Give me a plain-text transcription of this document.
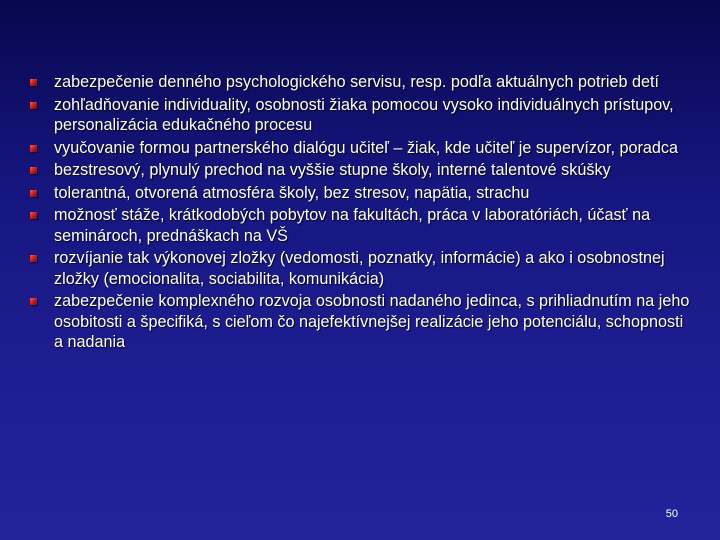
zabezpečenie denného psychologického servisu, resp. podľa aktuálnych potrieb detí
zohľadňovanie individuality, osobnosti žiaka pomocou vysoko individuálnych prístupov, personalizácia edukačného procesu
vyučovanie formou partnerského dialógu učiteľ – žiak, kde učiteľ je supervízor, poradca
bezstresový, plynulý prechod na vyššie stupne školy, interné talentové skúšky
tolerantná, otvorená atmosféra školy, bez stresov, napätia, strachu
možnosť stáže, krátkodobých pobytov na fakultách, práca v laboratóriách, účasť na seminároch, prednáškach na VŠ
rozvíjanie tak výkonovej zložky (vedomosti, poznatky, informácie) a ako i osobnostnej zložky (emocionalita, sociabilita, komunikácia)
zabezpečenie komplexného rozvoja osobnosti nadaného jedinca, s prihliadnutím na jeho osobitosti a špecifiká, s cieľom čo najefektívnejšej realizácie jeho potenciálu, schopnosti a nadania
50
